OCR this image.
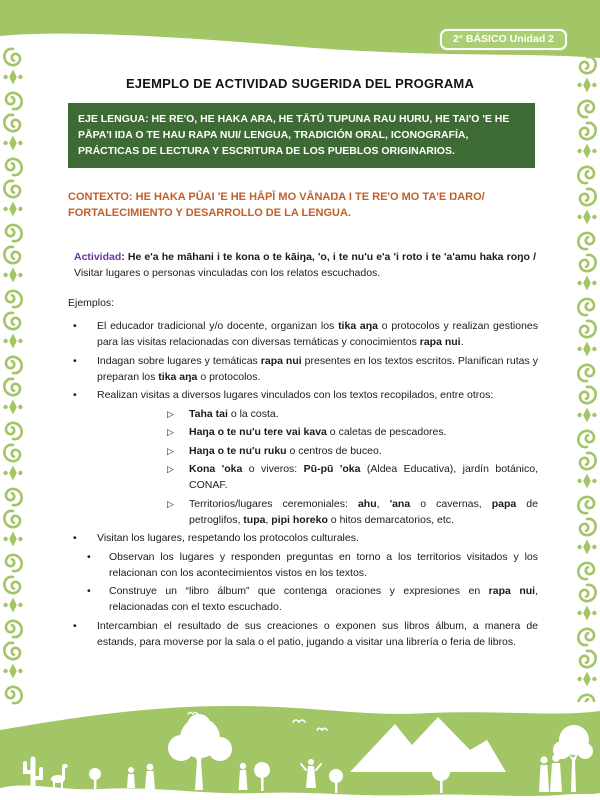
2° BÁSICO Unidad 2
EJEMPLO DE ACTIVIDAD SUGERIDA DEL PROGRAMA
EJE LENGUA: HE RE'O, HE HAKA ARA, HE TĀTŪ TUPUNA RAU HURU, HE TAI'O 'E HE PĀPA'I IŊA O TE HAU RAPA NUI/ LENGUA, TRADICIÓN ORAL, ICONOGRAFÍA, PRÁCTICAS DE LECTURA Y ESCRITURA DE LOS PUEBLOS ORIGINARIOS.
CONTEXTO: HE HAKA PŪAI 'E HE HĀPĪ MO VĀNAŊA I TE RE'O MO TA'E ŊARO/ FORTALECIMIENTO Y DESARROLLO DE LA LENGUA.
Actividad: He e'a he māhani i te kona o te kāiŋa, 'o, i te nu'u e'a 'i roto i te 'a'amu haka roŋo / Visitar lugares o personas vinculadas con los relatos escuchados.
Ejemplos:
•	El educador tradicional y/o docente, organizan los tika aŋa o protocolos y realizan gestiones para las visitas relacionadas con diversas temáticas y conocimientos rapa nui.
•	Indagan sobre lugares y temáticas rapa nui presentes en los textos escritos. Planifican rutas y preparan los tika aŋa o protocolos.
•	Realizan visitas a diversos lugares vinculados con los textos recopilados, entre otros:
▷	Taha tai o la costa.
▷	Haŋa o te nu'u tere vai kava o caletas de pescadores.
▷	Haŋa o te nu'u ruku o centros de buceo.
▷	Kona 'oka o viveros: Pū-pū 'oka (Aldea Educativa), jardín botánico, CONAF.
▷	Territorios/lugares ceremoniales: ahu, 'ana o cavernas, papa de petroglifos, tupa, pipi horeko o hitos demarcatorios, etc.
•	Visitan los lugares, respetando los protocolos culturales.
•	Observan los lugares y responden preguntas en torno a los territorios visitados y los relacionan con los acontecimientos vistos en los textos.
•	Construye un “libro álbum” que contenga oraciones y expresiones en rapa nui, relacionadas con el texto escuchado.
•	Intercambian el resultado de sus creaciones o exponen sus libros álbum, a manera de estands, para moverse por la sala o el patio, jugando a visitar una librería o feria de libros.
